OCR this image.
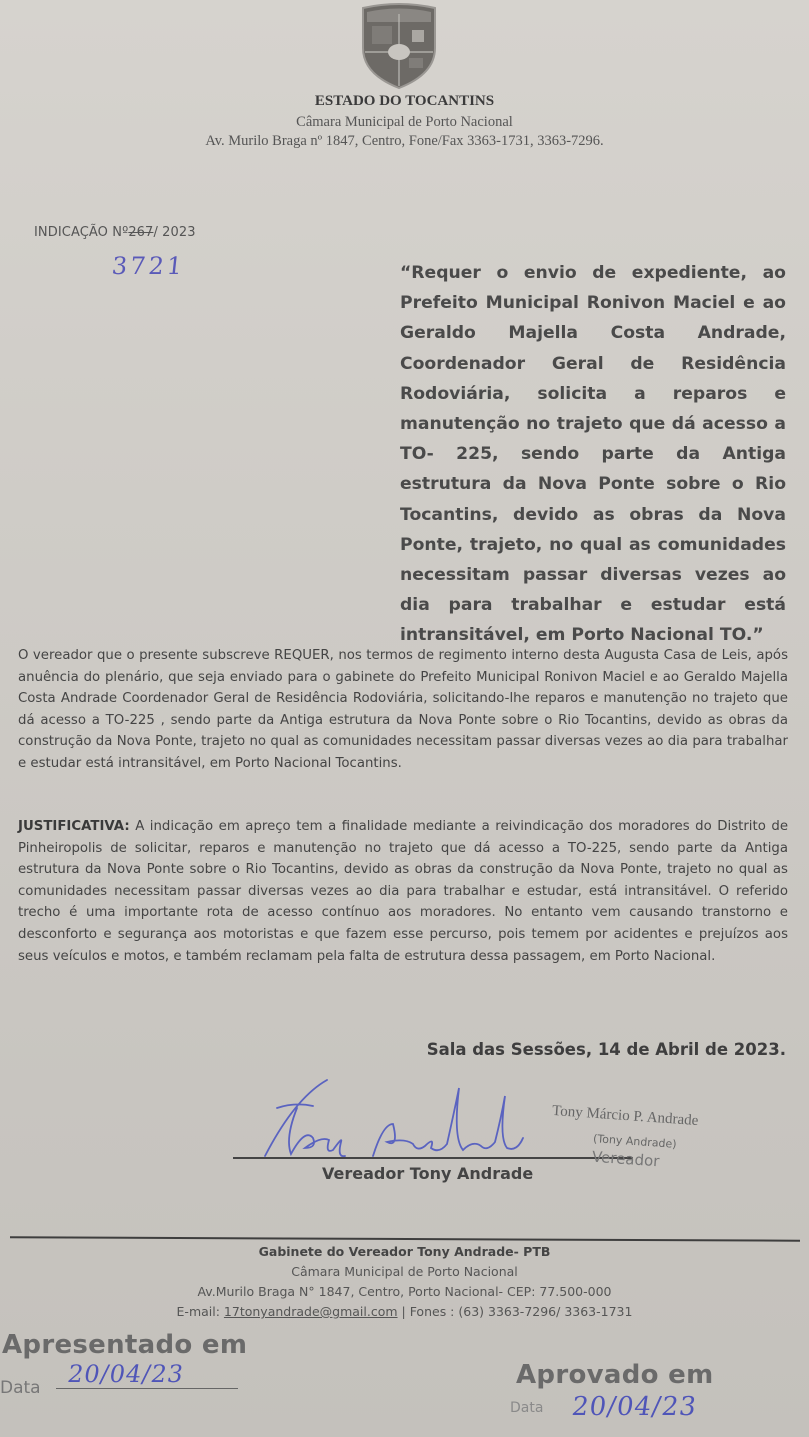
ESTADO DO TOCANTINS
Câmara Municipal de Porto Nacional
Av. Murilo Braga nº 1847, Centro, Fone/Fax 3363-1731, 3363-7296.
INDICAÇÃO Nº267/ 2023
3721	“Requer o envio de expediente, ao Prefeito Municipal Ronivon Maciel e ao Geraldo Majella Costa Andrade, Coordenador Geral de Residência Rodoviária, solicita a reparos e manutenção no trajeto que dá acesso a TO- 225, sendo parte da Antiga estrutura da Nova Ponte sobre o Rio Tocantins, devido as obras da Nova Ponte, trajeto, no qual as comunidades necessitam passar diversas vezes ao dia para trabalhar e estudar está intransitável, em Porto Nacional TO.”
O vereador que o presente subscreve REQUER, nos termos de regimento interno desta Augusta Casa de Leis, após anuência do plenário, que seja enviado para o gabinete do Prefeito Municipal Ronivon Maciel e ao Geraldo Majella Costa Andrade Coordenador Geral de Residência Rodoviária, solicitando-lhe reparos e manutenção no trajeto que dá acesso a TO-225 , sendo parte da Antiga estrutura da Nova Ponte sobre o Rio Tocantins, devido as obras da construção da Nova Ponte, trajeto no qual as comunidades necessitam passar diversas vezes ao dia para trabalhar e estudar está intransitável, em Porto Nacional Tocantins.
JUSTIFICATIVA: A indicação em apreço tem a finalidade mediante a reivindicação dos moradores do Distrito de Pinheiropolis de solicitar, reparos e manutenção no trajeto que dá acesso a TO-225, sendo parte da Antiga estrutura da Nova Ponte sobre o Rio Tocantins, devido as obras da construção da Nova Ponte, trajeto no qual as comunidades necessitam passar diversas vezes ao dia para trabalhar e estudar, está intransitável. O referido trecho é uma importante rota de acesso contínuo aos moradores. No entanto vem causando transtorno e desconforto e segurança aos motoristas e que fazem esse percurso, pois temem por acidentes e prejuízos aos seus veículos e motos, e também reclamam pela falta de estrutura dessa passagem, em Porto Nacional.
Sala das Sessões, 14 de Abril de 2023.
Vereador Tony Andrade
Tony Márcio P. Andrade
(Tony Andrade)
Vereador
Gabinete do Vereador Tony Andrade- PTB
Câmara Municipal de Porto Nacional
Av.Murilo Braga N° 1847, Centro, Porto Nacional- CEP: 77.500-000
E-mail: 17tonyandrade@gmail.com | Fones : (63) 3363-7296/ 3363-1731
Apresentado em
Data 20/04/23	Aprovado em
Data 20/04/23
